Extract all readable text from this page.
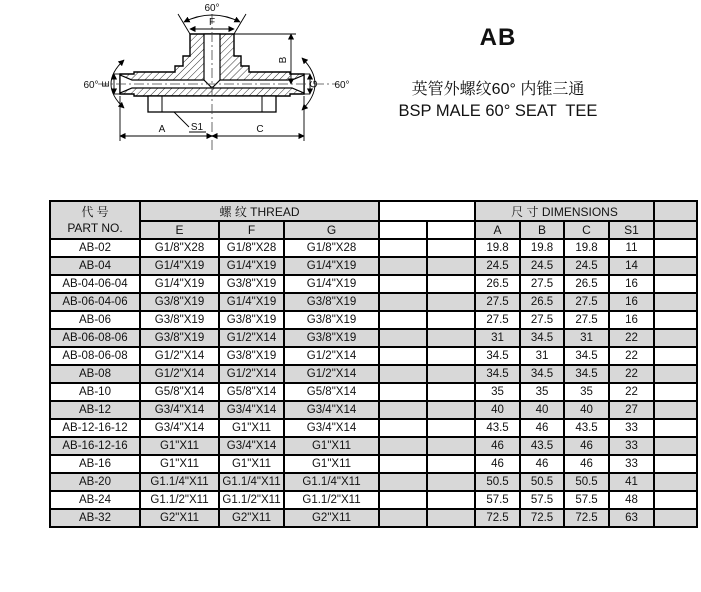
F
60°
B
E
60°	G 60°
A	C
S1
AB
英管外螺纹60° 内锥三通
BSP MALE 60° SEAT  TEE
代 号
PART NO.	螺 纹 THREAD					尺 寸 DIMENSIONS				
	E	F	G			A	B	C	S1	
AB-02	G1/8"X28	G1/8"X28	G1/8"X28			19.8	19.8	19.8	11	
AB-04	G1/4"X19	G1/4"X19	G1/4"X19			24.5	24.5	24.5	14	
AB-04-06-04	G1/4"X19	G3/8"X19	G1/4"X19			26.5	27.5	26.5	16	
AB-06-04-06	G3/8"X19	G1/4"X19	G3/8"X19			27.5	26.5	27.5	16	
AB-06	G3/8"X19	G3/8"X19	G3/8"X19			27.5	27.5	27.5	16	
AB-06-08-06	G3/8"X19	G1/2"X14	G3/8"X19			31	34.5	31	22	
AB-08-06-08	G1/2"X14	G3/8"X19	G1/2"X14			34.5	31	34.5	22	
AB-08	G1/2"X14	G1/2"X14	G1/2"X14			34.5	34.5	34.5	22	
AB-10	G5/8"X14	G5/8"X14	G5/8"X14			35	35	35	22	
AB-12	G3/4"X14	G3/4"X14	G3/4"X14			40	40	40	27	
AB-12-16-12	G3/4"X14	G1"X11	G3/4"X14			43.5	46	43.5	33	
AB-16-12-16	G1"X11	G3/4"X14	G1"X11			46	43.5	46	33	
AB-16	G1"X11	G1"X11	G1"X11			46	46	46	33	
AB-20	G1.1/4"X11	G1.1/4"X11	G1.1/4"X11			50.5	50.5	50.5	41	
AB-24	G1.1/2"X11	G1.1/2"X11	G1.1/2"X11			57.5	57.5	57.5	48	
AB-32	G2"X11	G2"X11	G2"X11			72.5	72.5	72.5	63	
